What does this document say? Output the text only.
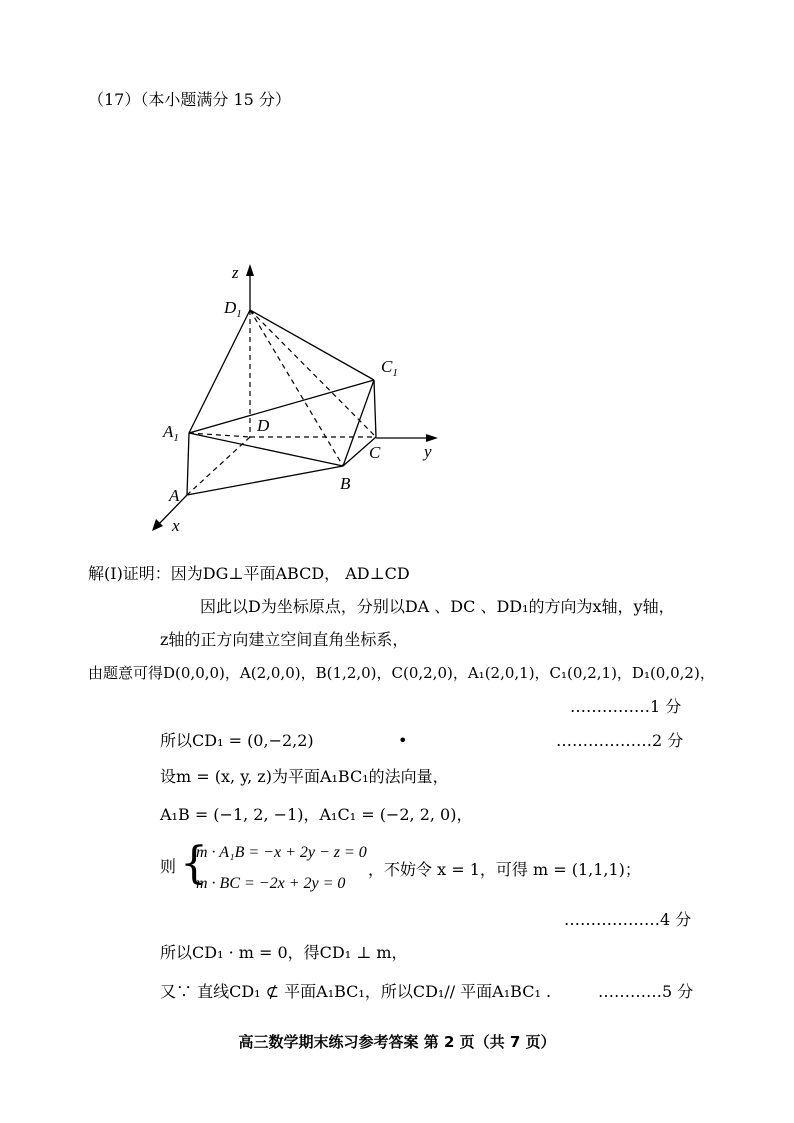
（17）（本小题满分 15 分）
z
y
x
$D_1$
$C_1$
$A_1$
D
C
B
A
解(Ⅰ)证明：因为DG⊥平面ABCD， AD⊥CD
因此以D为坐标原点，分别以DA 、DC 、DD₁的方向为x轴，y轴，
z轴的正方向建立空间直角坐标系，
由题意可得D(0,0,0)，A(2,0,0)，B(1,2,0)，C(0,2,0)，A₁(2,0,1)，C₁(0,2,1)，D₁(0,0,2)，
……………1 分
所以CD₁ = (0,−2,2)	•	………………2 分
设m = (x, y, z)为平面A₁BC₁的法向量，
A₁B = (−1, 2, −1)，A₁C₁ = (−2, 2, 0)，
则 {
m · A₁B = −x + 2y − z = 0
m · BC = −2x + 2y = 0
，不妨令 x = 1，可得 m = (1,1,1)；
………………4 分
所以CD₁ · m = 0，得CD₁ ⊥ m，
又∵ 直线CD₁ ⊄ 平面A₁BC₁，所以CD₁// 平面A₁BC₁ .	…………5 分
高三数学期末练习参考答案 第 2 页（共 7 页）
